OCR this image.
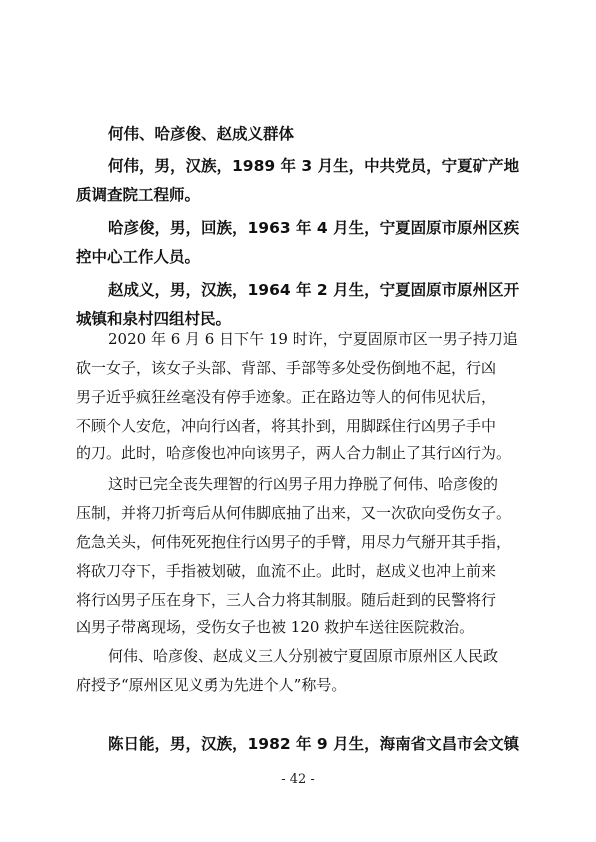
何伟、哈彦俊、赵成义群体
何伟，男，汉族，1989 年 3 月生，中共党员，宁夏矿产地
质调查院工程师。
哈彦俊，男，回族，1963 年 4 月生，宁夏固原市原州区疾
控中心工作人员。
赵成义，男，汉族，1964 年 2 月生，宁夏固原市原州区开
城镇和泉村四组村民。
2020 年 6 月 6 日下午 19 时许，宁夏固原市区一男子持刀追
砍一女子，该女子头部、背部、手部等多处受伤倒地不起，行凶
男子近乎疯狂丝毫没有停手迹象。正在路边等人的何伟见状后，
不顾个人安危，冲向行凶者，将其扑到，用脚踩住行凶男子手中
的刀。此时，哈彦俊也冲向该男子，两人合力制止了其行凶行为。
这时已完全丧失理智的行凶男子用力挣脱了何伟、哈彦俊的
压制，并将刀折弯后从何伟脚底抽了出来，又一次砍向受伤女子。
危急关头，何伟死死抱住行凶男子的手臂，用尽力气掰开其手指，
将砍刀夺下，手指被划破，血流不止。此时，赵成义也冲上前来
将行凶男子压在身下，三人合力将其制服。随后赶到的民警将行
凶男子带离现场，受伤女子也被 120 救护车送往医院救治。
何伟、哈彦俊、赵成义三人分别被宁夏固原市原州区人民政
府授予“原州区见义勇为先进个人”称号。
陈日能，男，汉族，1982 年 9 月生，海南省文昌市会文镇
- 42 -
